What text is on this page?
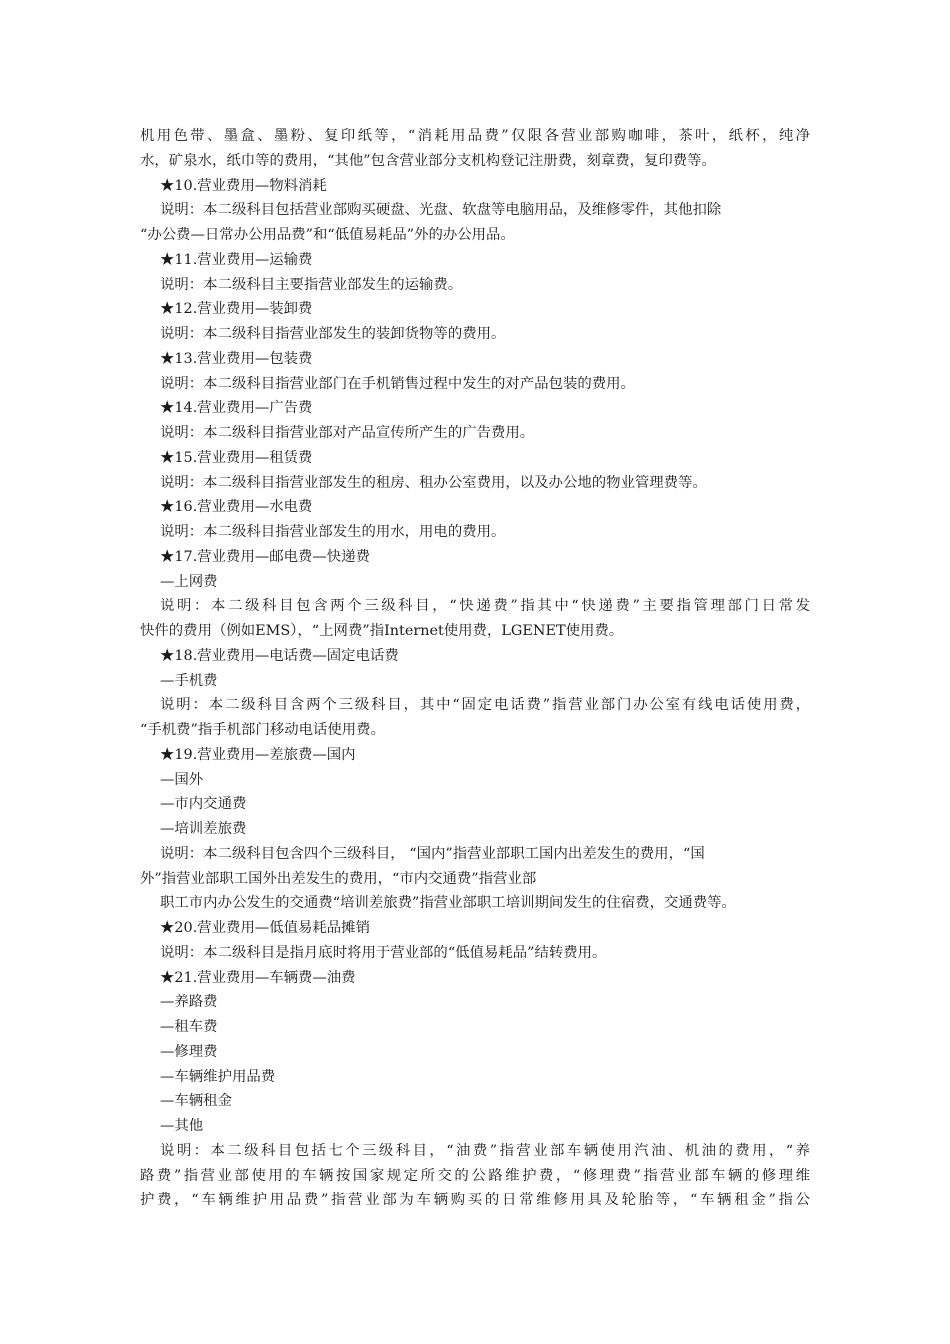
机用色带、墨盒、墨粉、复印纸等，“消耗用品费”仅限各营业部购咖啡，茶叶，纸杯，纯净
水，矿泉水，纸巾等的费用，“其他”包含营业部分支机构登记注册费，刻章费，复印费等。
★10.营业费用—物料消耗
说明：本二级科目包括营业部购买硬盘、光盘、软盘等电脑用品，及维修零件，其他扣除
“办公费—日常办公用品费”和“低值易耗品”外的办公用品。
★11.营业费用—运输费
说明：本二级科目主要指营业部发生的运输费。
★12.营业费用—装卸费
说明：本二级科目指营业部发生的装卸货物等的费用。
★13.营业费用—包装费
说明：本二级科目指营业部门在手机销售过程中发生的对产品包装的费用。
★14.营业费用—广告费
说明：本二级科目指营业部对产品宣传所产生的广告费用。
★15.营业费用—租赁费
说明：本二级科目指营业部发生的租房、租办公室费用，以及办公地的物业管理费等。
★16.营业费用—水电费
说明：本二级科目指营业部发生的用水，用电的费用。
★17.营业费用—邮电费—快递费
—上网费
说明：本二级科目包含两个三级科目，“快递费”指其中“快递费”主要指管理部门日常发
快件的费用（例如EMS），“上网费”指Internet使用费，LGENET使用费。
★18.营业费用—电话费—固定电话费
—手机费
说明：本二级科目含两个三级科目，其中“固定电话费”指营业部门办公室有线电话使用费，
“手机费”指手机部门移动电话使用费。
★19.营业费用—差旅费—国内
—国外
—市内交通费
—培训差旅费
说明：本二级科目包含四个三级科目， “国内”指营业部职工国内出差发生的费用，“国
外”指营业部职工国外出差发生的费用，“市内交通费”指营业部
职工市内办公发生的交通费“培训差旅费”指营业部职工培训期间发生的住宿费，交通费等。
★20.营业费用—低值易耗品摊销
说明：本二级科目是指月底时将用于营业部的“低值易耗品”结转费用。
★21.营业费用—车辆费—油费
—养路费
—租车费
—修理费
—车辆维护用品费
—车辆租金
—其他
说明：本二级科目包括七个三级科目，“油费”指营业部车辆使用汽油、机油的费用，“养
路费”指营业部使用的车辆按国家规定所交的公路维护费，“修理费”指营业部车辆的修理维
护费，“车辆维护用品费”指营业部为车辆购买的日常维修用具及轮胎等，“车辆租金”指公
